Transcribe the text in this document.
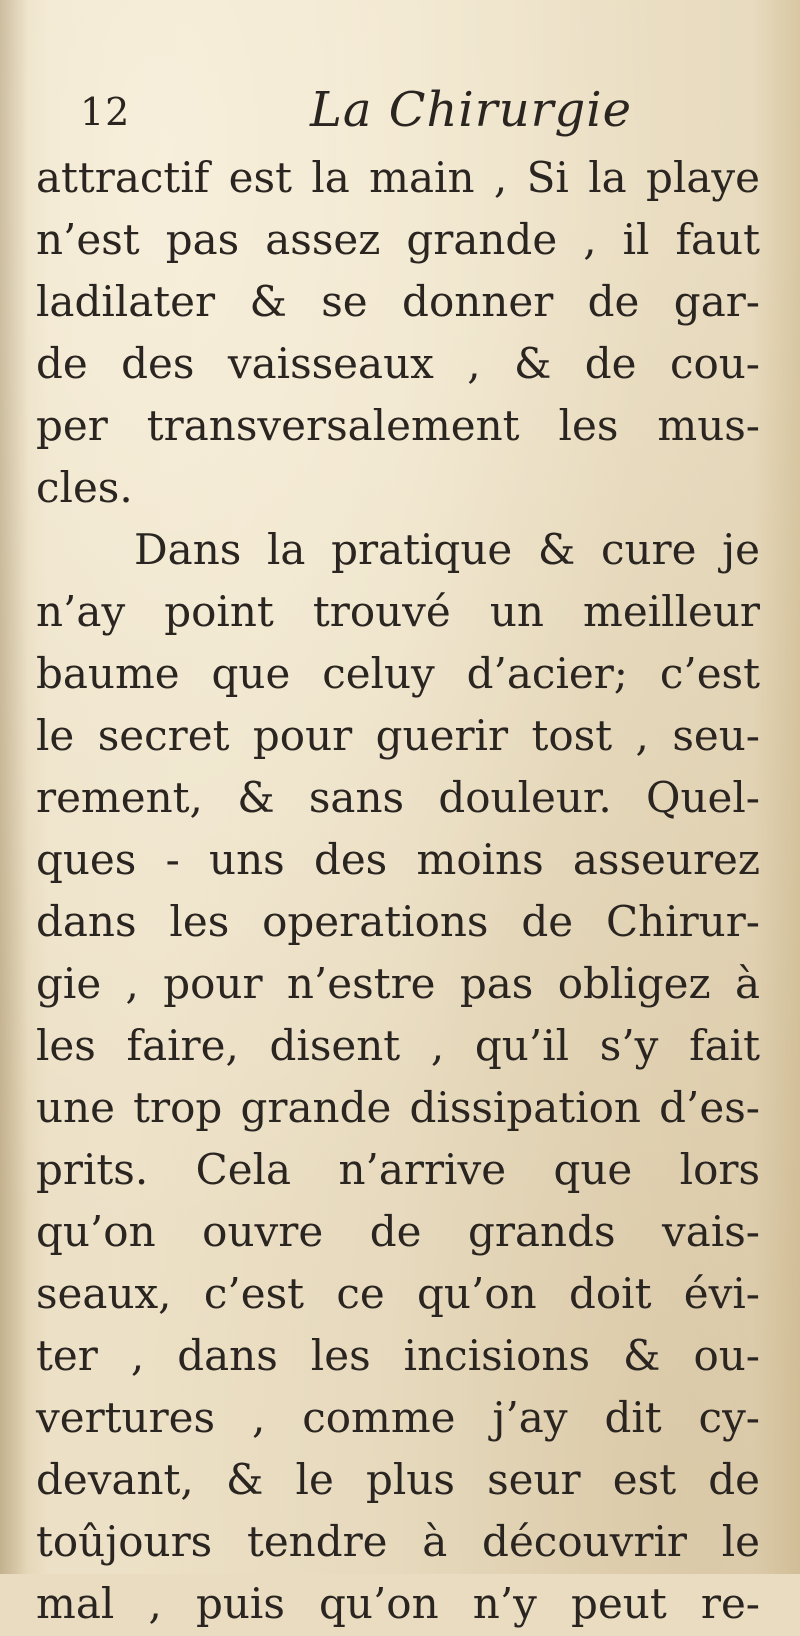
12	La Chirurgie
attractif est la main , Si la playe
n’est pas assez grande , il faut
ladilater & se donner de gar-
de des vaisseaux , & de cou-
per transversalement les mus-
cles.
Dans la pratique & cure je
n’ay point trouvé un meilleur
baume que celuy d’acier; c’est
le secret pour guerir tost , seu-
rement, & sans douleur. Quel-
ques - uns des moins asseurez
dans les operations de Chirur-
gie , pour n’estre pas obligez à
les faire, disent , qu’il s’y fait
une trop grande dissipation d’es-
prits. Cela n’arrive que lors
qu’on ouvre de grands vais-
seaux, c’est ce qu’on doit évi-
ter , dans les incisions & ou-
vertures , comme j’ay dit cy-
devant, & le plus seur est de
toûjours tendre à découvrir le
mal , puis qu’on n’y peut re-
